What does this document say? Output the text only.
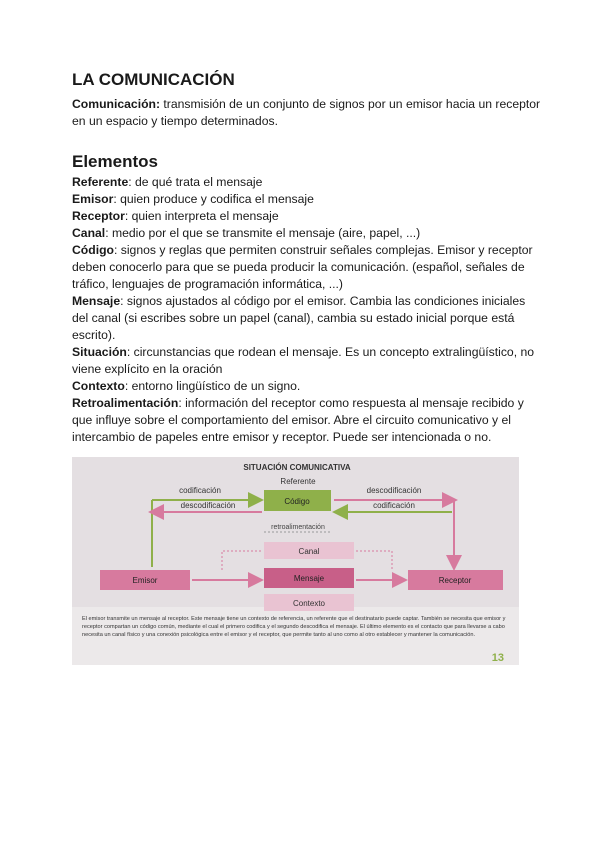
LA COMUNICACIÓN
Comunicación: transmisión de un conjunto de signos por un emisor hacia un receptor en un espacio y tiempo determinados.
Elementos
Referente: de qué trata el mensaje
Emisor: quien produce y codifica el mensaje
Receptor: quien interpreta el mensaje
Canal: medio por el que se transmite el mensaje (aire, papel, ...)
Código: signos y reglas que permiten construir señales complejas. Emisor y receptor deben conocerlo para que se pueda producir la comunicación. (español, señales de tráfico, lenguajes de programación informática, ...)
Mensaje: signos ajustados al código por el emisor. Cambia las condiciones iniciales del canal (si escribes sobre un papel (canal), cambia su estado inicial porque está escrito).
Situación: circunstancias que rodean el mensaje. Es un concepto extralingüístico, no viene explícito en la oración
Contexto: entorno lingüístico de un signo.
Retroalimentación: información del receptor como respuesta al mensaje recibido y que influye sobre el comportamiento del emisor. Abre el circuito comunicativo y el intercambio de papeles entre emisor y receptor. Puede ser intencionada o no.
SITUACIÓN COMUNICATIVA
Referente
Código
codificación
descodificación
descodificación
codificación
retroalimentación
Canal
Mensaje
Contexto
Emisor	Receptor
El emisor transmite un mensaje al receptor. Este mensaje tiene un contexto de referencia, un referente que el destinatario puede captar. También se necesita que emisor y receptor compartan un código común, mediante el cual el primero codifica y el segundo descodifica el mensaje. El último elemento es el contacto que para llevarse a cabo necesita un canal físico y una conexión psicológica entre el emisor y el receptor, que permite tanto al uno como al otro establecer y mantener la comunicación.
13
